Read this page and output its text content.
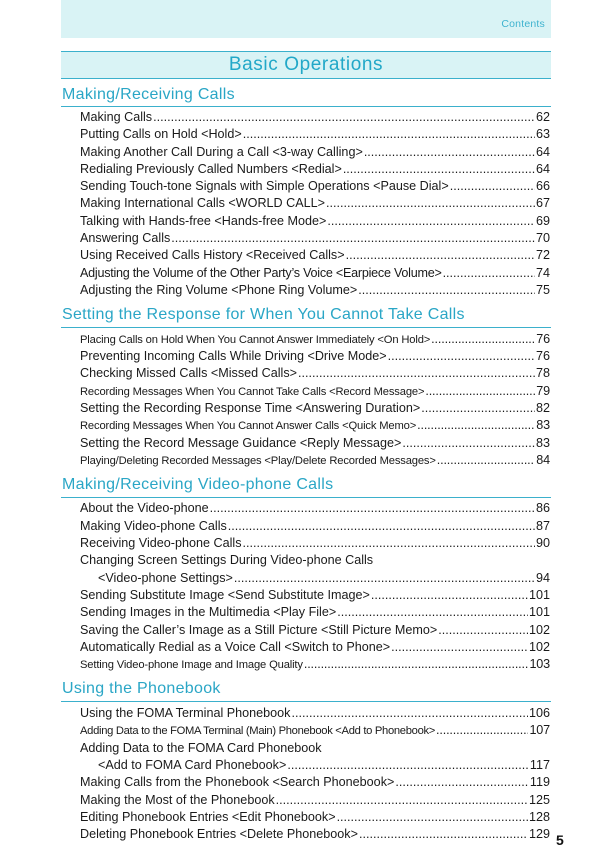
Contents
Basic Operations
Making/Receiving Calls
Making Calls .....	62
Putting Calls on Hold <Hold> .....	63
Making Another Call During a Call <3-way Calling> .....	64
Redialing Previously Called Numbers <Redial> .....	64
Sending Touch-tone Signals with Simple Operations <Pause Dial> .....	66
Making International Calls <WORLD CALL> .....	67
Talking with Hands-free <Hands-free Mode> .....	69
Answering Calls .....	70
Using Received Calls History <Received Calls> .....	72
Adjusting the Volume of the Other Party’s Voice <Earpiece Volume> .....	74
Adjusting the Ring Volume <Phone Ring Volume> .....	75
Setting the Response for When You Cannot Take Calls
Placing Calls on Hold When You Cannot Answer Immediately <On Hold> .....	76
Preventing Incoming Calls While Driving <Drive Mode> .....	76
Checking Missed Calls <Missed Calls> .....	78
Recording Messages When You Cannot Take Calls <Record Message> .....	79
Setting the Recording Response Time <Answering Duration> .....	82
Recording Messages When You Cannot Answer Calls <Quick Memo> .....	83
Setting the Record Message Guidance <Reply Message> .....	83
Playing/Deleting Recorded Messages <Play/Delete Recorded Messages> .....	84
Making/Receiving Video-phone Calls
About the Video-phone .....	86
Making Video-phone Calls .....	87
Receiving Video-phone Calls .....	90
Changing Screen Settings During Video-phone Calls
<Video-phone Settings> .....	94
Sending Substitute Image <Send Substitute Image> .....	101
Sending Images in the Multimedia <Play File> .....	101
Saving the Caller’s Image as a Still Picture <Still Picture Memo> .....	102
Automatically Redial as a Voice Call <Switch to Phone> .....	102
Setting Video-phone Image and Image Quality .....	103
Using the Phonebook
Using the FOMA Terminal Phonebook .....	106
Adding Data to the FOMA Terminal (Main) Phonebook <Add to Phonebook> .....	107
Adding Data to the FOMA Card Phonebook
<Add to FOMA Card Phonebook> .....	117
Making Calls from the Phonebook <Search Phonebook> .....	119
Making the Most of the Phonebook .....	125
Editing Phonebook Entries <Edit Phonebook> .....	128
Deleting Phonebook Entries <Delete Phonebook> .....	129 5
